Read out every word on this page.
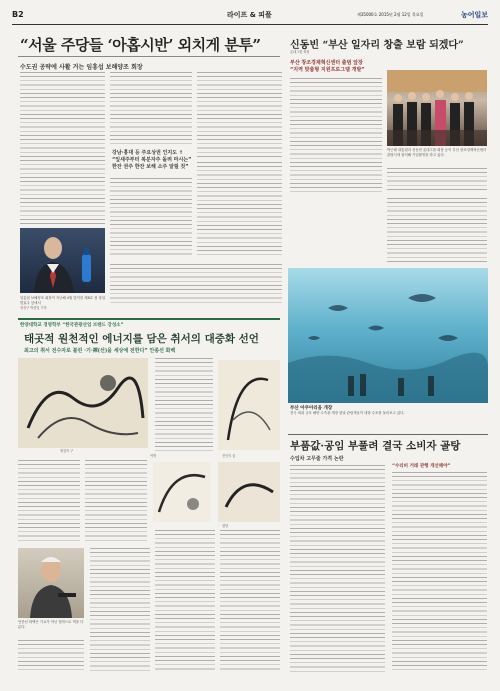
B2	라이프 & 피플	제35000호 2015년 2월 12일 목요일	농어일보
“서울 주당들 ‘아홉시반’ 외치게 분투”
수도권 공략에 사활 거는 임흥섭 보해양조 회장
강남·홍대 등 주요상권 인지도 ↑
“잎새주부터 복분자주 돌려 마시는”
한잔 권주 한잔 보해 소주 알릴 것”
임흥섭 보해양조 회장이 지난해 4월 맞이한 제8호 첫 창업 발효주 앞에서
정성구 박종일 기자
신동빈 “부산 일자리 창출 보람 되겠다”
롯데그룹 회장
부산 창조경제혁신센터 출범 앞장
“지역 맞춤형 지원프로그램 개발”
박근혜 대통령과 신동빈 롯데그룹 회장 등이 부산 창조경제혁신센터 출범식에 참석해 기념촬영을 하고 있다.
한양대학교 경영학부 “한국관광산업 브랜드 강성소”
태곳적 원천적인 에너지를 담은 취서의 대중화 선언
최고의 취서 전수자로 불린 ·기·禪(선)을 세상에 전한다” 안종선 화백
영감의 구
여명	진인의 꿈
청담
안종선 화백은 기교가 아닌 철학으로 먹을 다룬다.
부산 아쿠아리움 개장
전국 최대 규모 해양 수족관 개장 첫날 관람객들이 대형 수조를 둘러보고 있다.
부품값·공임 부풀려 결국 소비자 골탕
수입차 고무줄 가격 논란
“수리비 거래 관행 개선해야”
